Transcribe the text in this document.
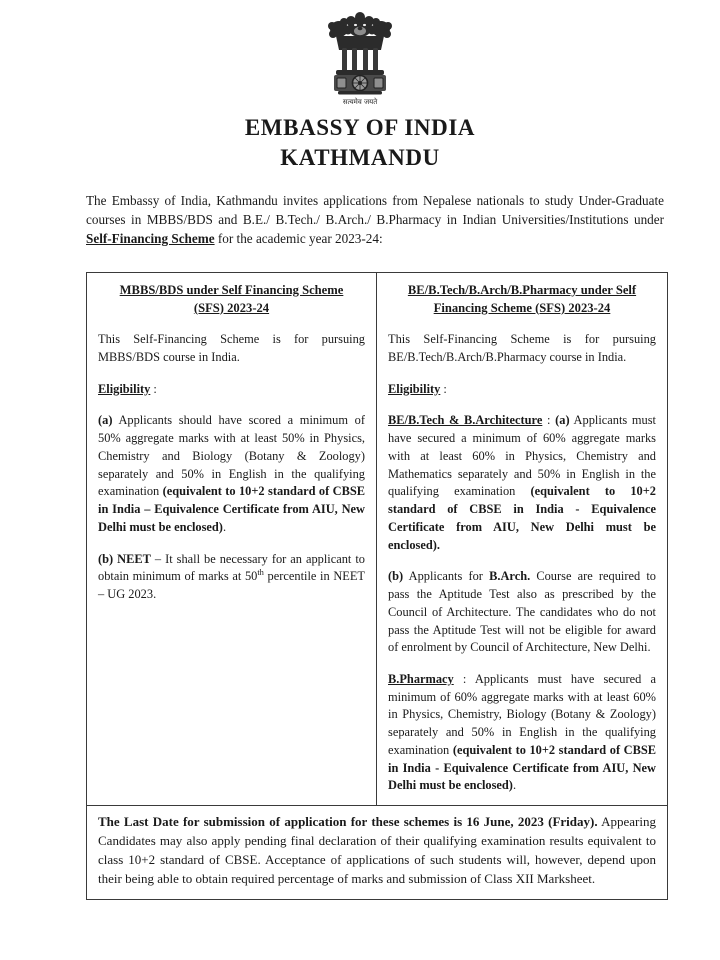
सत्यमेव जयते
EMBASSY OF INDIA
KATHMANDU

The Embassy of India, Kathmandu invites applications from Nepalese nationals to study Under-Graduate courses in MBBS/BDS and B.E./ B.Tech./ B.Arch./ B.Pharmacy in Indian Universities/Institutions under Self-Financing Scheme for the academic year 2023-24:

MBBS/BDS under Self Financing Scheme
(SFS) 2023-24

This Self-Financing Scheme is for pursuing MBBS/BDS course in India.

Eligibility :

(a) Applicants should have scored a minimum of 50% aggregate marks with at least 50% in Physics, Chemistry and Biology (Botany & Zoology) separately and 50% in English in the qualifying examination (equivalent to 10+2 standard of CBSE in India – Equivalence Certificate from AIU, New Delhi must be enclosed).

(b) NEET – It shall be necessary for an applicant to obtain minimum of marks at 50th percentile in NEET – UG 2023.

BE/B.Tech/B.Arch/B.Pharmacy under Self
Financing Scheme (SFS) 2023-24

This Self-Financing Scheme is for pursuing BE/B.Tech/B.Arch/B.Pharmacy course in India.

Eligibility :

BE/B.Tech & B.Architecture : (a) Applicants must have secured a minimum of 60% aggregate marks with at least 60% in Physics, Chemistry and Mathematics separately and 50% in English in the qualifying examination (equivalent to 10+2 standard of CBSE in India - Equivalence Certificate from AIU, New Delhi must be enclosed).

(b) Applicants for B.Arch. Course are required to pass the Aptitude Test also as prescribed by the Council of Architecture. The candidates who do not pass the Aptitude Test will not be eligible for award of enrolment by Council of Architecture, New Delhi.

B.Pharmacy : Applicants must have secured a minimum of 60% aggregate marks with at least 60% in Physics, Chemistry, Biology (Botany & Zoology) separately and 50% in English in the qualifying examination (equivalent to 10+2 standard of CBSE in India - Equivalence Certificate from AIU, New Delhi must be enclosed).

The Last Date for submission of application for these schemes is 16 June, 2023 (Friday). Appearing Candidates may also apply pending final declaration of their qualifying examination results equivalent to class 10+2 standard of CBSE. Acceptance of applications of such students will, however, depend upon their being able to obtain required percentage of marks and submission of Class XII Marksheet.
